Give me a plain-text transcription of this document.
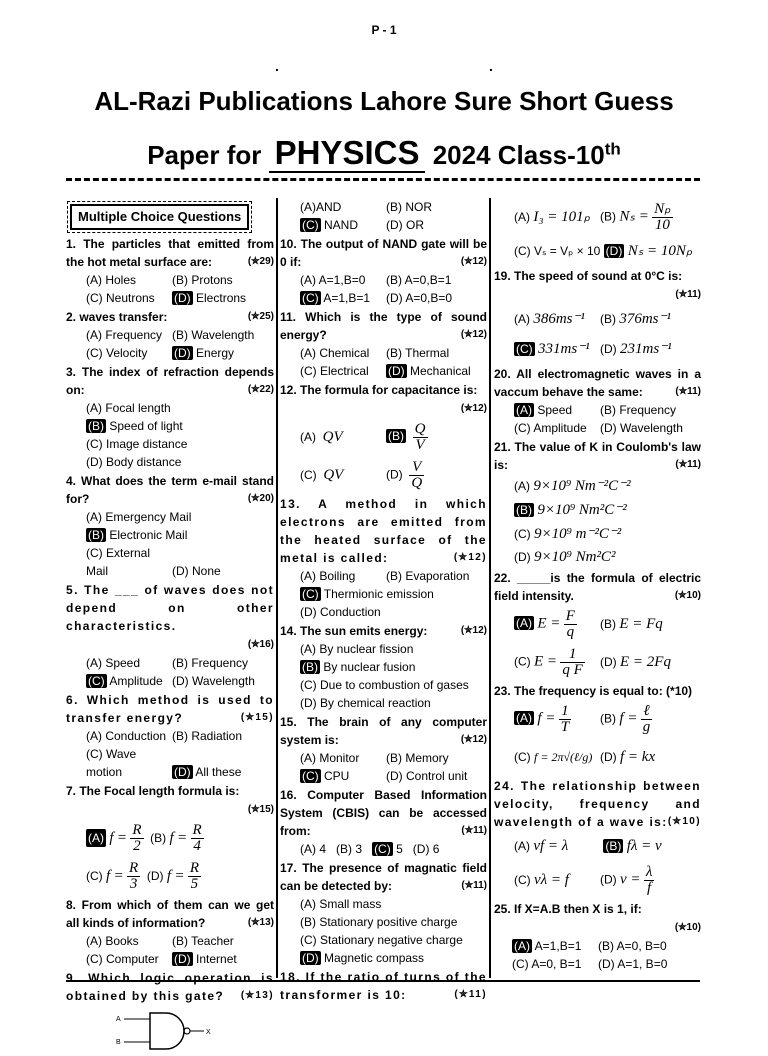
P - 1
.	.
AL-Razi Publications Lahore Sure Short Guess
Paper for PHYSICS 2024 Class-10th
Multiple Choice Questions
1. The particles that emitted from the hot metal surface are:	(✮29)
(A) Holes	(B) Protons
(C) Neutrons (D) Electrons
2. waves transfer:	(✮25)
(A) Frequency (B) Wavelength
(C) Velocity (D) Energy
3. The index of refraction depends on:	(✮22)
(A) Focal length
(B) Speed of light
(C) Image distance
(D) Body distance
4. What does the term e-mail stand for?	(✮20)
(A) Emergency Mail
(B) Electronic Mail
(C) External Mail	(D) None
5. The ___ of waves does not depend on other characteristics.
(✮16)

(A) Speed	(B) Frequency
(C) Amplitude (D) Wavelength
6. Which method is used to transfer energy?	(✮15)
(A) Conduction (B) Radiation
(C) Wave motion	(D) All these
7. The Focal length formula is:
(✮15)

(A)
f
=
$\frac{R}{2}$
(B)
f
=
$\frac{R}{4}$
(C)
f
=
$\frac{R}{3}$
(D)
f
=
$\frac{R}{5}$
8. From which of them can we get all kinds of information?	(✮13)
(A) Books	(B) Teacher
(C) Computer (D) Internet
9. Which logic operation is obtained by this gate? (✮13)
A
B
X
(A)AND	(B) NOR
(C) NAND (D) OR
10. The output of NAND gate will be 0 if:	(✮12)
(A) A=1,B=0 (B) A=0,B=1
(C) A=1,B=1 (D) A=0,B=0
11. Which is the type of sound energy?	(✮12)
(A) Chemical (B) Thermal
(C) Electrical (D) Mechanical
12. The formula for capacitance is:
(✮12)

(A) QV	$(B) \frac{Q}{V}$
(C) QV	$(D) \frac{V}{Q}$
13. A method in which electrons are emitted from the heated surface of the metal is called:	(✮12)
(A) Boiling	(B) Evaporation

(C) Thermionic emission
(D) Conduction
14. The sun emits energy:	(✮12)
(A) By nuclear fission
(B) By nuclear fusion
(C) Due to combustion of gases
(D) By chemical reaction
15. The brain of any computer system is:	(✮12)
(A) Monitor (B) Memory
(C) CPU	(D) Control unit
16. Computer Based Information System (CBIS) can be accessed from:	(✮11)
(A) 4 (B) 3 (C) 5 (D) 6
17. The presence of magnatic field can be detected by:	(✮11)
(A) Small mass
(B) Stationary positive charge
(C) Stationary negative charge
(D) Magnetic compass
18. If the ratio of turns of the transformer is 10:	(✮11)
(A) I₃ = 101ₚ (B) $N_s = \frac{\text{Nₚ}}{10}$
(C) Vₛ = Vₚ × 10 (D) Nₛ = 10Nₚ
19. The speed of sound at 0°C is:
(✮11)

(A) 386ms⁻¹ (B) 376ms⁻¹
(C) 331ms⁻¹ (D) 231ms⁻¹
20. All electromagnetic waves in a vaccum behave the same:	(✮11)
(A) Speed (B) Frequency
(C) Amplitude (D) Wavelength
21. The value of K in Coulomb's law is:	(✮11)
(A) 9×10⁹ Nm⁻²C⁻²
(B) 9×10⁹ Nm²C⁻²
(C) 9×10⁹ m⁻²C⁻²
(D) 9×10⁹ Nm²C²
22. _____is the formula of electric field intensity.	(✮10)
(A) $E = \frac{F}{q} (B) E = Fq$
(C) $E = \frac{1}{\text{q F}} (D) E = 2Fq$
23. The frequency is equal to: (*10)
(A) $f = \frac{1}{T} (B) f = \frac{\text{ℓ}}{g}$
(C) f = 2π√(ℓ/g) (D) f = kx
24. The relationship between velocity, frequency and wavelength of a wave is: (✮10)
(A) vf = λ	(B) fλ = v
(C) vλ = f	(D) $v = \frac{\lambda}{f}$
25. If X=A.B then X is 1, if:
(✮10)

(A) A=1,B=1 (B) A=0, B=0
(C) A=0, B=1 (D) A=1, B=0
